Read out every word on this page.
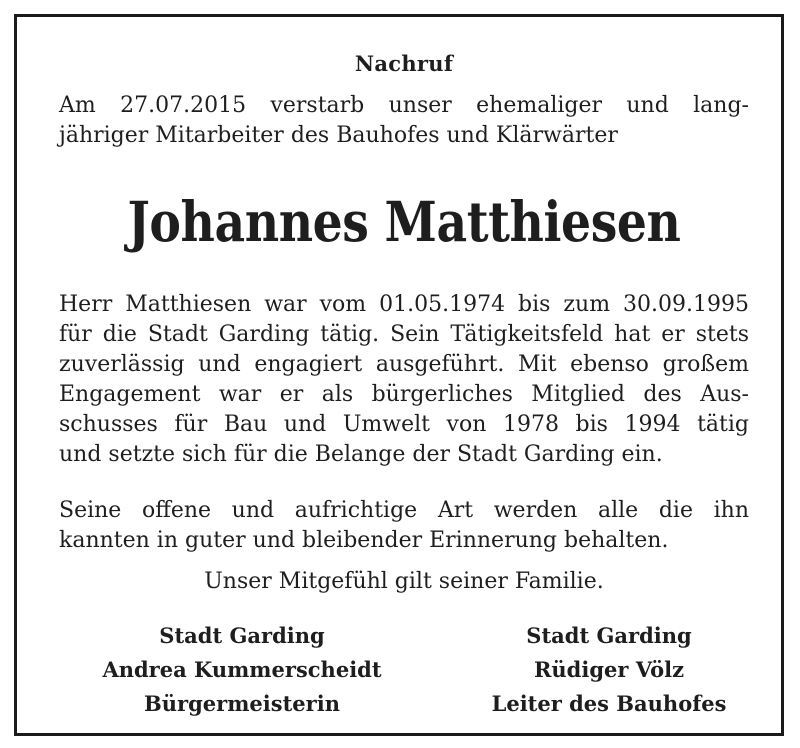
Nachruf
Am 27.07.2015 verstarb unser ehemaliger und lang-
jähriger Mitarbeiter des Bauhofes und Klärwärter
Johannes Matthiesen
Herr Matthiesen war vom 01.05.1974 bis zum 30.09.1995
für die Stadt Garding tätig. Sein Tätigkeitsfeld hat er stets
zuverlässig und engagiert ausgeführt. Mit ebenso großem
Engagement war er als bürgerliches Mitglied des Aus-
schusses für Bau und Umwelt von 1978 bis 1994 tätig
und setzte sich für die Belange der Stadt Garding ein.
Seine offene und aufrichtige Art werden alle die ihn
kannten in guter und bleibender Erinnerung behalten.
Unser Mitgefühl gilt seiner Familie.
Stadt Garding
Andrea Kummerscheidt
Bürgermeisterin
Stadt Garding
Rüdiger Völz
Leiter des Bauhofes
